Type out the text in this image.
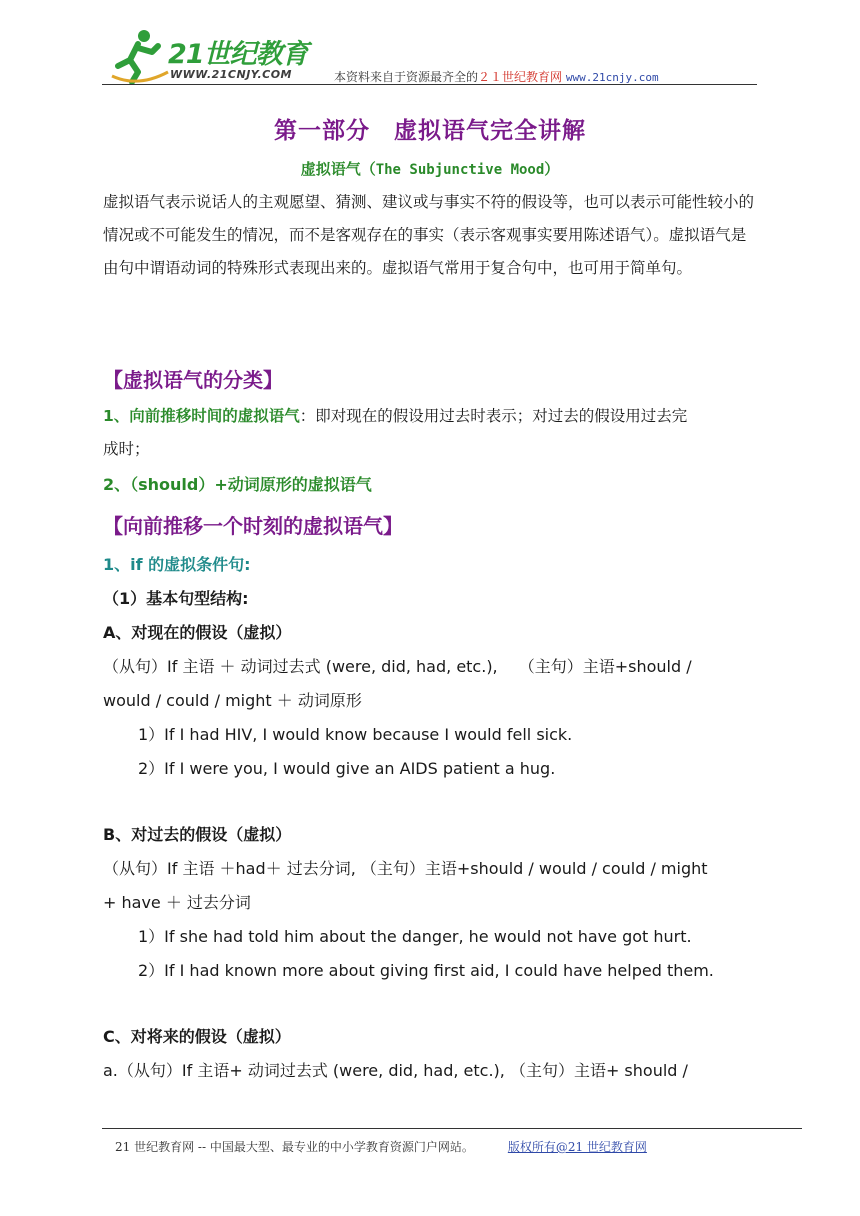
21世纪教育
WWW.21CNJY.COM	本资料来自于资源最齐全的２１世纪教育网 www.21cnjy.com
第一部分　虚拟语气完全讲解
虚拟语气（The Subjunctive Mood）
虚拟语气表示说话人的主观愿望、猜测、建议或与事实不符的假设等，也可以表示可能性较小的情况或不可能发生的情况，而不是客观存在的事实（表示客观事实要用陈述语气）。虚拟语气是由句中谓语动词的特殊形式表现出来的。虚拟语气常用于复合句中，也可用于简单句。
【虚拟语气的分类】
1、向前推移时间的虚拟语气：即对现在的假设用过去时表示；对过去的假设用过去完
成时；
2、（should）+动词原形的虚拟语气
【向前推移一个时刻的虚拟语气】
1、if 的虚拟条件句:
（1）基本句型结构:
A、对现在的假设（虚拟）
（从句）If 主语 ＋ 动词过去式 (were, did, had, etc.),　 （主句）主语+should /
would / could / might ＋ 动词原形
1）If I had HIV, I would know because I would fell sick.
2）If I were you, I would give an AIDS patient a hug.
B、对过去的假设（虚拟）
（从句）If 主语 ＋had＋ 过去分词, （主句）主语+should / would / could / might
+ have ＋ 过去分词
1）If she had told him about the danger, he would not have got hurt.
2）If I had known more about giving first aid, I could have helped them.
C、对将来的假设（虚拟）
a.（从句）If 主语+ 动词过去式 (were, did, had, etc.), （主句）主语+ should /
21 世纪教育网 -- 中国最大型、最专业的中小学教育资源门户网站。	版权所有@21 世纪教育网
